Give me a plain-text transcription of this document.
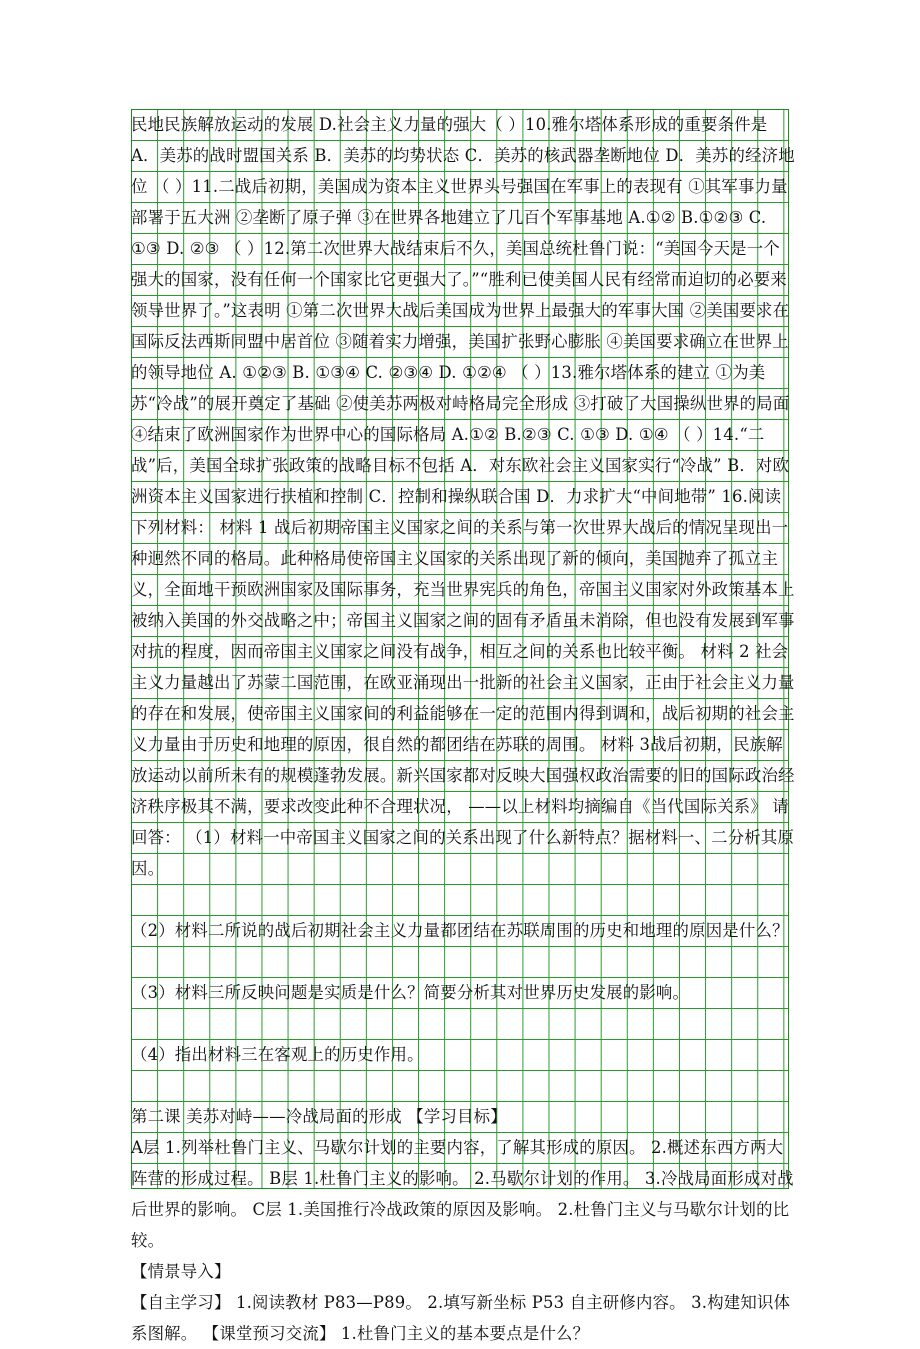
民地民族解放运动的发展 D.社会主义力量的强大（ ）10.雅尔塔体系形成的重要条件是 A．美苏的战时盟国关系 B．美苏的均势状态 C．美苏的核武器垄断地位 D．美苏的经济地位 （ ）11.二战后初期，美国成为资本主义世界头号强国在军事上的表现有 ①其军事力量部署于五大洲 ②垄断了原子弹 ③在世界各地建立了几百个军事基地 A.①② B.①②③ C. ①③ D. ②③ （ ）12.第二次世界大战结束后不久，美国总统杜鲁门说：“美国今天是一个强大的国家，没有任何一个国家比它更强大了。”“胜利已使美国人民有经常而迫切的必要来领导世界了。”这表明 ①第二次世界大战后美国成为世界上最强大的军事大国 ②美国要求在国际反法西斯同盟中居首位 ③随着实力增强，美国扩张野心膨胀 ④美国要求确立在世界上的领导地位 A. ①②③ B. ①③④ C. ②③④ D. ①②④ （ ）13.雅尔塔体系的建立 ①为美苏“冷战”的展开奠定了基础 ②使美苏两极对峙格局完全形成 ③打破了大国操纵世界的局面 ④结束了欧洲国家作为世界中心的国际格局 A.①② B.②③ C. ①③ D. ①④ （ ）14.“二战”后，美国全球扩张政策的战略目标不包括 A．对东欧社会主义国家实行“冷战” B．对欧洲资本主义国家进行扶植和控制 C．控制和操纵联合国 D．力求扩大“中间地带” 16.阅读下列材料： 材料 1 战后初期帝国主义国家之间的关系与第一次世界大战后的情况呈现出一种迥然不同的格局。此种格局使帝国主义国家的关系出现了新的倾向，美国抛弃了孤立主义，全面地干预欧洲国家及国际事务，充当世界宪兵的角色，帝国主义国家对外政策基本上被纳入美国的外交战略之中；帝国主义国家之间的固有矛盾虽未消除，但也没有发展到军事对抗的程度，因而帝国主义国家之间没有战争，相互之间的关系也比较平衡。 材料 2 社会主义力量越出了苏蒙二国范围，在欧亚涌现出一批新的社会主义国家，正由于社会主义力量的存在和发展，使帝国主义国家间的利益能够在一定的范围内得到调和，战后初期的社会主义力量由于历史和地理的原因，很自然的都团结在苏联的周围。 材料 3战后初期，民族解放运动以前所未有的规模蓬勃发展。新兴国家都对反映大国强权政治需要的旧的国际政治经济秩序极其不满，要求改变此种不合理状况， ——以上材料均摘编自《当代国际关系》 请回答： （1）材料一中帝国主义国家之间的关系出现了什么新特点？据材料一、二分析其原因。

（2）材料二所说的战后初期社会主义力量都团结在苏联周围的历史和地理的原因是什么？

（3）材料三所反映问题是实质是什么？简要分析其对世界历史发展的影响。

（4）指出材料三在客观上的历史作用。

第二课 美苏对峙——冷战局面的形成 【学习目标】

A层 1.列举杜鲁门主义、马歇尔计划的主要内容，了解其形成的原因。 2.概述东西方两大阵营的形成过程。 B层 1.杜鲁门主义的影响。 2.马歇尔计划的作用。 3.冷战局面形成对战后世界的影响。 C层 1.美国推行冷战政策的原因及影响。 2.杜鲁门主义与马歇尔计划的比较。

【情景导入】

【自主学习】 1.阅读教材 P83—P89。 2.填写新坐标 P53 自主研修内容。 3.构建知识体系图解。 【课堂预习交流】 1.杜鲁门主义的基本要点是什么？
